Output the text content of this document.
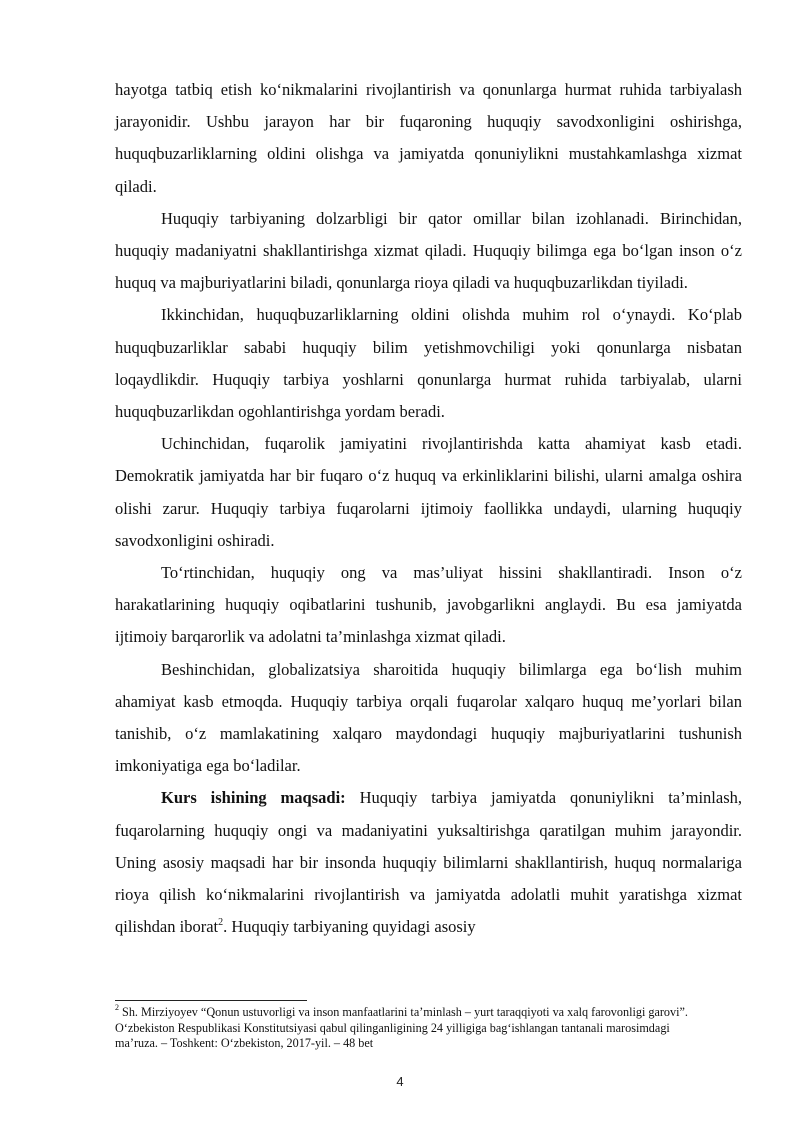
hayotga tatbiq etish ko‘nikmalarini rivojlantirish va qonunlarga hurmat ruhida tarbiyalash jarayonidir. Ushbu jarayon har bir fuqaroning huquqiy savodxonligini oshirishga, huquqbuzarliklarning oldini olishga va jamiyatda qonuniylikni mustahkamlashga xizmat qiladi.

Huquqiy tarbiyaning dolzarbligi bir qator omillar bilan izohlanadi. Birinchidan, huquqiy madaniyatni shakllantirishga xizmat qiladi. Huquqiy bilimga ega bo‘lgan inson o‘z huquq va majburiyatlarini biladi, qonunlarga rioya qiladi va huquqbuzarlikdan tiyiladi.

Ikkinchidan, huquqbuzarliklarning oldini olishda muhim rol o‘ynaydi. Ko‘plab huquqbuzarliklar sababi huquqiy bilim yetishmovchiligi yoki qonunlarga nisbatan loqaydlikdir. Huquqiy tarbiya yoshlarni qonunlarga hurmat ruhida tarbiyalab, ularni huquqbuzarlikdan ogohlantirishga yordam beradi.

Uchinchidan, fuqarolik jamiyatini rivojlantirishda katta ahamiyat kasb etadi. Demokratik jamiyatda har bir fuqaro o‘z huquq va erkinliklarini bilishi, ularni amalga oshira olishi zarur. Huquqiy tarbiya fuqarolarni ijtimoiy faollikka undaydi, ularning huquqiy savodxonligini oshiradi.

To‘rtinchidan, huquqiy ong va mas’uliyat hissini shakllantiradi. Inson o‘z harakatlarining huquqiy oqibatlarini tushunib, javobgarlikni anglaydi. Bu esa jamiyatda ijtimoiy barqarorlik va adolatni ta’minlashga xizmat qiladi.

Beshinchidan, globalizatsiya sharoitida huquqiy bilimlarga ega bo‘lish muhim ahamiyat kasb etmoqda. Huquqiy tarbiya orqali fuqarolar xalqaro huquq me’yorlari bilan tanishib, o‘z mamlakatining xalqaro maydondagi huquqiy majburiyatlarini tushunish imkoniyatiga ega bo‘ladilar.

Kurs ishining maqsadi: Huquqiy tarbiya jamiyatda qonuniylikni ta’minlash, fuqarolarning huquqiy ongi va madaniyatini yuksaltirishga qaratilgan muhim jarayondir. Uning asosiy maqsadi har bir insonda huquqiy bilimlarni shakllantirish, huquq normalariga rioya qilish ko‘nikmalarini rivojlantirish va jamiyatda adolatli muhit yaratishga xizmat qilishdan iborat$^2$. Huquqiy tarbiyaning quyidagi asosiy

$^2$ Sh. Mirziyoyev “Qonun ustuvorligi va inson manfaatlarini ta’minlash – yurt taraqqiyoti va xalq farovonligi garovi”. O‘zbekiston Respublikasi Konstitutsiyasi qabul qilinganligining 24 yilligiga bag‘ishlangan tantanali marosimdagi ma’ruza. – Toshkent: O‘zbekiston, 2017-yil. – 48 bet

4
